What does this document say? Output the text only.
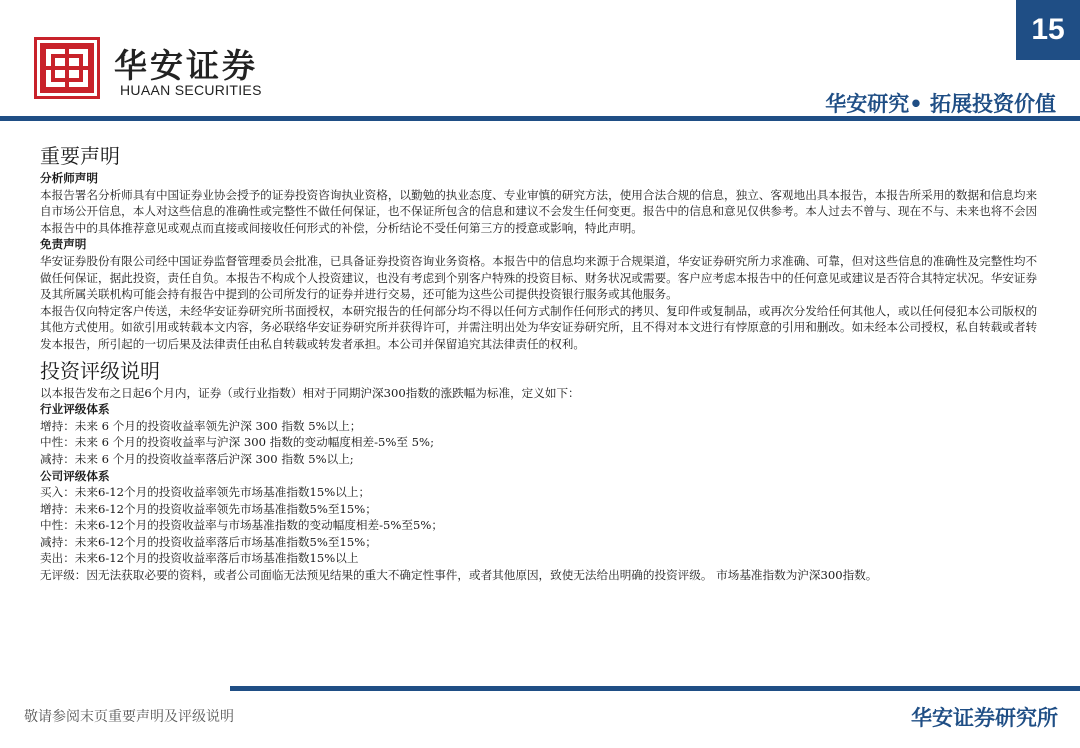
华安证券
HUAAN SECURITIES
15
华安研究• 拓展投资价值

重要声明

分析师声明

本报告署名分析师具有中国证券业协会授予的证券投资咨询执业资格，以勤勉的执业态度、专业审慎的研究方法，使用合法合规的信息，独立、客观地出具本报告，本报告所采用的数据和信息均来自市场公开信息，本人对这些信息的准确性或完整性不做任何保证，也不保证所包含的信息和建议不会发生任何变更。报告中的信息和意见仅供参考。本人过去不曾与、现在不与、未来也将不会因本报告中的具体推荐意见或观点而直接或间接收任何形式的补偿，分析结论不受任何第三方的授意或影响，特此声明。

免责声明

华安证券股份有限公司经中国证券监督管理委员会批准，已具备证券投资咨询业务资格。本报告中的信息均来源于合规渠道，华安证券研究所力求准确、可靠，但对这些信息的准确性及完整性均不做任何保证，据此投资，责任自负。本报告不构成个人投资建议，也没有考虑到个别客户特殊的投资目标、财务状况或需要。客户应考虑本报告中的任何意见或建议是否符合其特定状况。华安证券及其所属关联机构可能会持有报告中提到的公司所发行的证券并进行交易，还可能为这些公司提供投资银行服务或其他服务。

本报告仅向特定客户传送，未经华安证券研究所书面授权，本研究报告的任何部分均不得以任何方式制作任何形式的拷贝、复印件或复制品，或再次分发给任何其他人，或以任何侵犯本公司版权的其他方式使用。如欲引用或转载本文内容，务必联络华安证券研究所并获得许可，并需注明出处为华安证券研究所，且不得对本文进行有悖原意的引用和删改。如未经本公司授权，私自转载或者转发本报告，所引起的一切后果及法律责任由私自转载或转发者承担。本公司并保留追究其法律责任的权利。

投资评级说明

以本报告发布之日起6个月内，证券（或行业指数）相对于同期沪深300指数的涨跌幅为标准，定义如下：

行业评级体系

增持：未来 6 个月的投资收益率领先沪深 300 指数 5%以上；

中性：未来 6 个月的投资收益率与沪深 300 指数的变动幅度相差-5%至 5%;

减持：未来 6 个月的投资收益率落后沪深 300 指数 5%以上;

公司评级体系

买入：未来6-12个月的投资收益率领先市场基准指数15%以上；

增持：未来6-12个月的投资收益率领先市场基准指数5%至15%；

中性：未来6-12个月的投资收益率与市场基准指数的变动幅度相差-5%至5%；

减持：未来6-12个月的投资收益率落后市场基准指数5%至15%；

卖出：未来6-12个月的投资收益率落后市场基准指数15%以上

无评级：因无法获取必要的资料，或者公司面临无法预见结果的重大不确定性事件，或者其他原因，致使无法给出明确的投资评级。 市场基准指数为沪深300指数。

敬请参阅末页重要声明及评级说明	华安证券研究所
